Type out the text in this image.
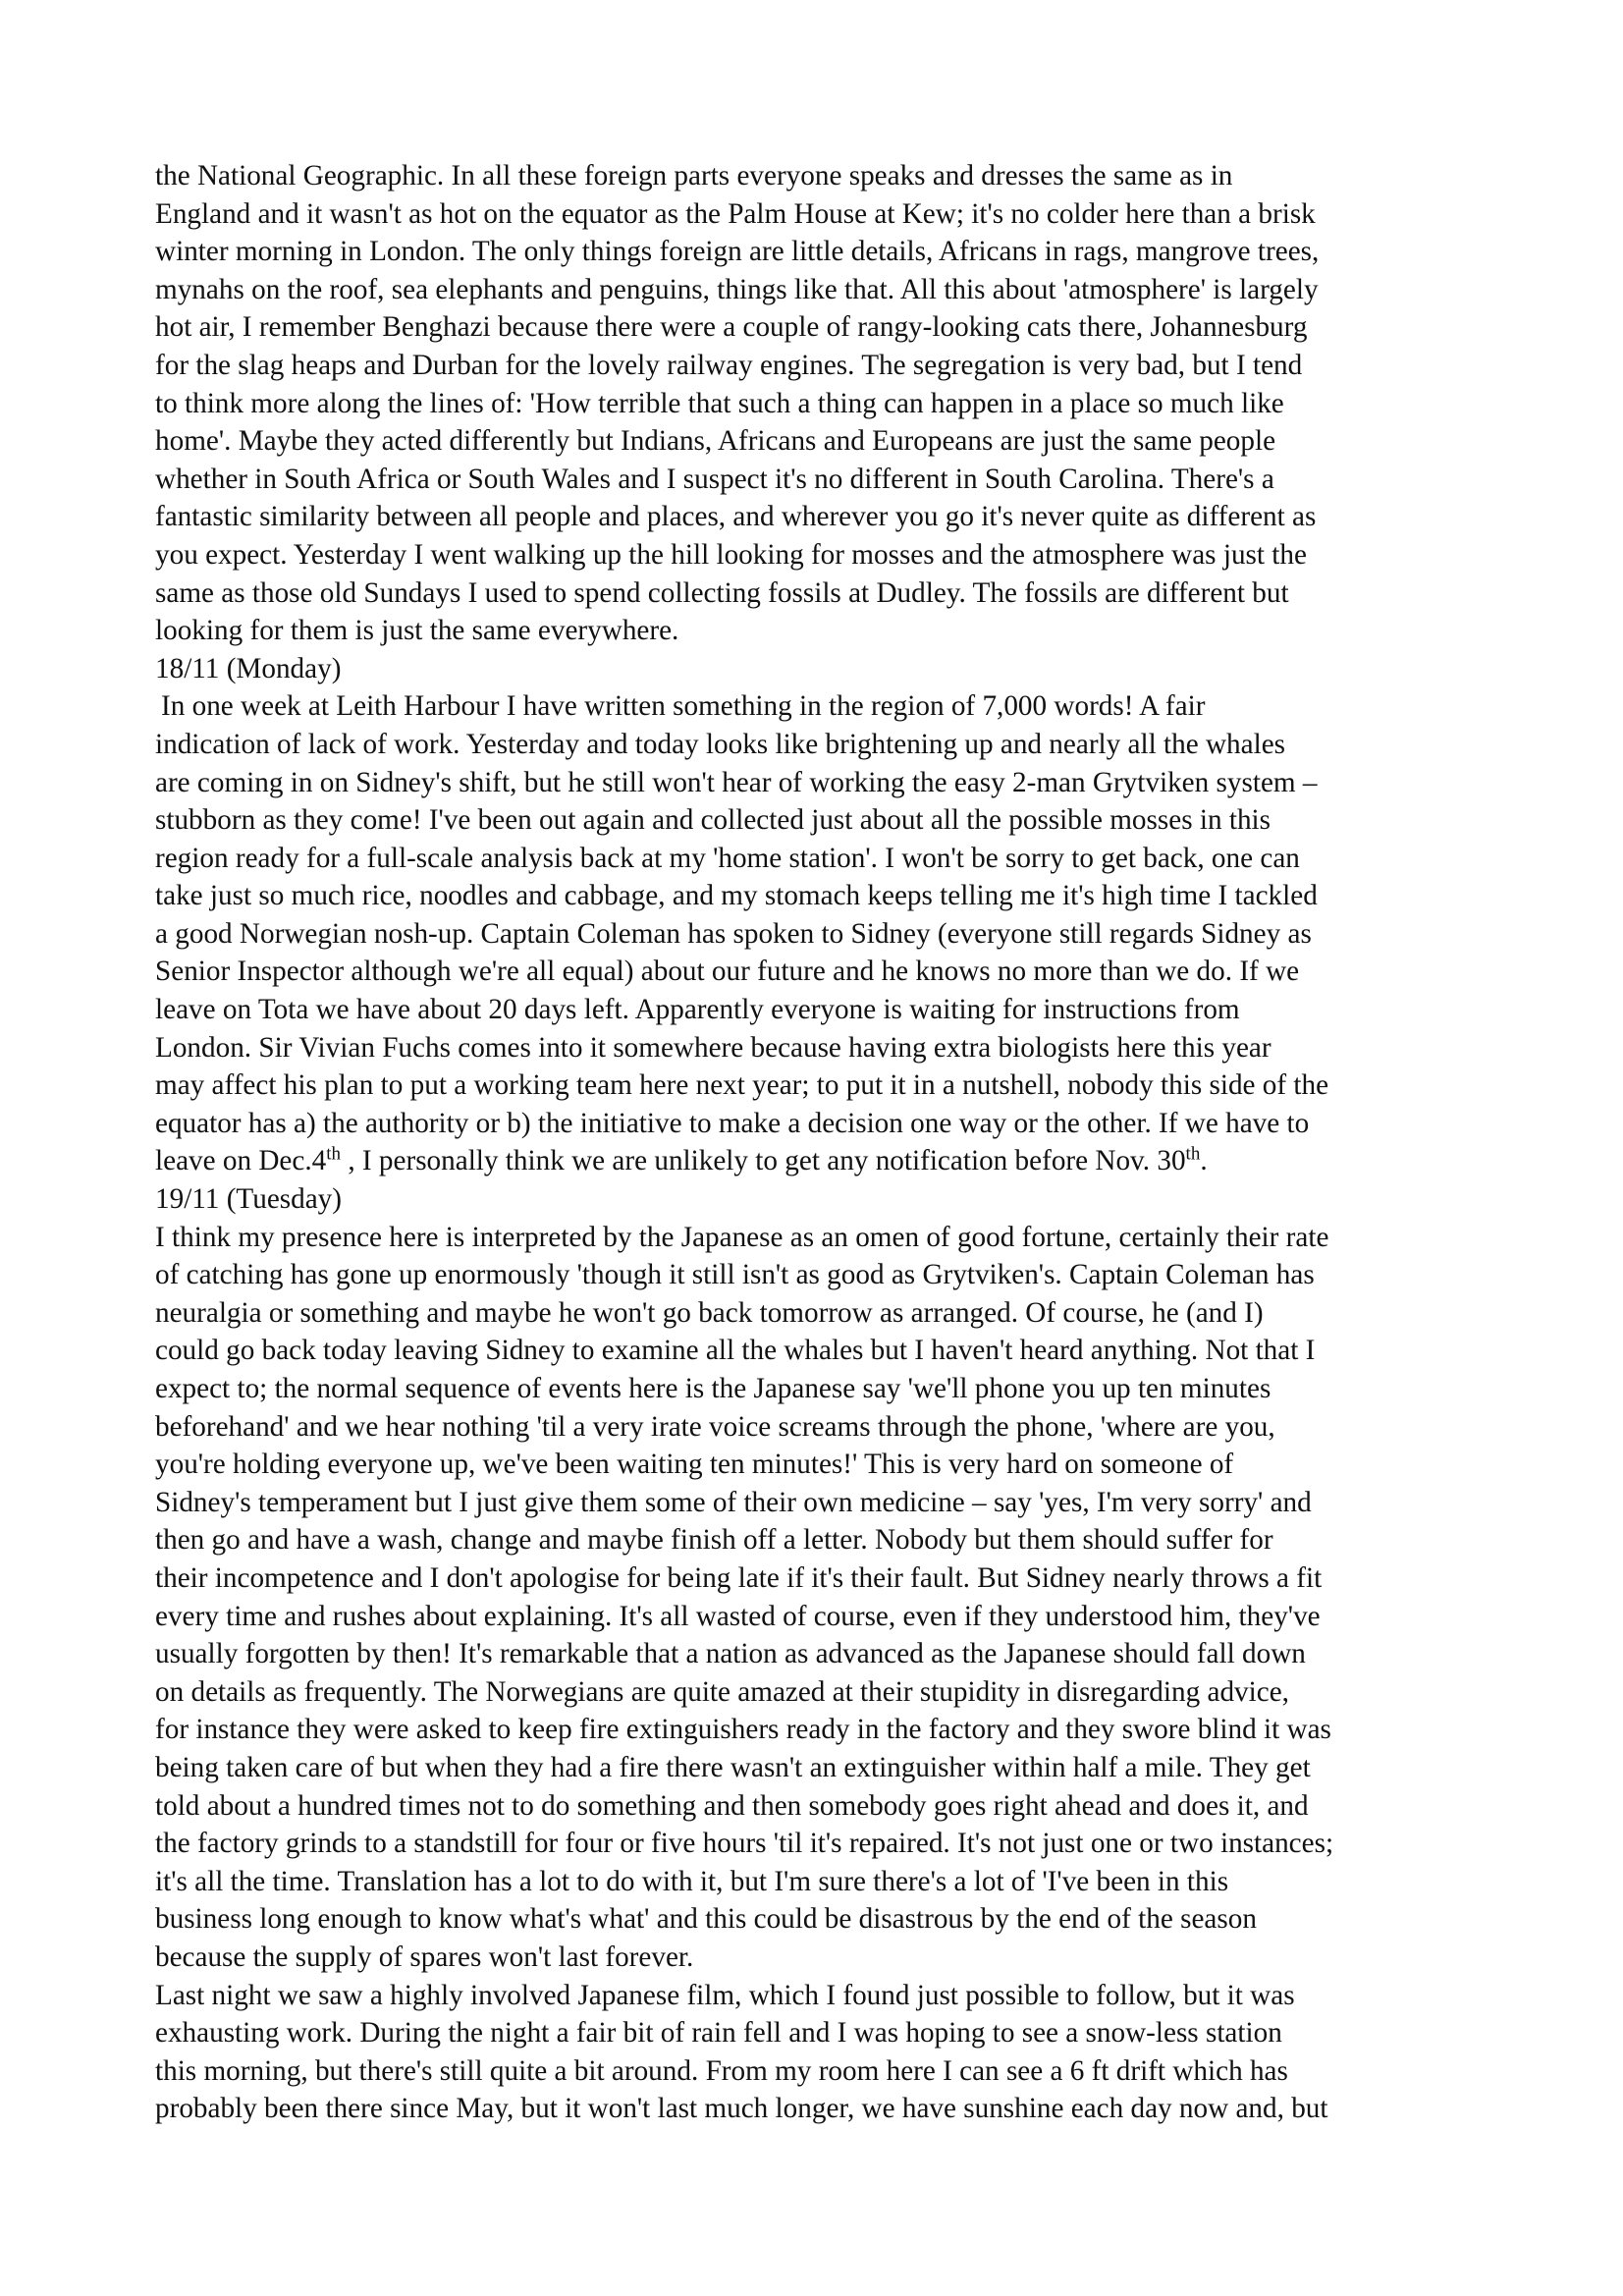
the National Geographic. In all these foreign parts everyone speaks and dresses the same as in
England and it wasn't as hot on the equator as the Palm House at Kew; it's no colder here than a brisk
winter morning in London. The only things foreign are little details, Africans in rags, mangrove trees,
mynahs on the roof, sea elephants and penguins, things like that. All this about 'atmosphere' is largely
hot air, I remember Benghazi because there were a couple of rangy-looking cats there, Johannesburg
for the slag heaps and Durban for the lovely railway engines. The segregation is very bad, but I tend
to think more along the lines of: 'How terrible that such a thing can happen in a place so much like
home'. Maybe they acted differently but Indians, Africans and Europeans are just the same people
whether in South Africa or South Wales and I suspect it's no different in South Carolina. There's a
fantastic similarity between all people and places, and wherever you go it's never quite as different as
you expect. Yesterday I went walking up the hill looking for mosses and the atmosphere was just the
same as those old Sundays I used to spend collecting fossils at Dudley. The fossils are different but
looking for them is just the same everywhere.
18/11 (Monday)
In one week at Leith Harbour I have written something in the region of 7,000 words! A fair
indication of lack of work. Yesterday and today looks like brightening up and nearly all the whales
are coming in on Sidney's shift, but he still won't hear of working the easy 2-man Grytviken system –
stubborn as they come! I've been out again and collected just about all the possible mosses in this
region ready for a full-scale analysis back at my 'home station'. I won't be sorry to get back, one can
take just so much rice, noodles and cabbage, and my stomach keeps telling me it's high time I tackled
a good Norwegian nosh-up. Captain Coleman has spoken to Sidney (everyone still regards Sidney as
Senior Inspector although we're all equal) about our future and he knows no more than we do. If we
leave on Tota we have about 20 days left. Apparently everyone is waiting for instructions from
London. Sir Vivian Fuchs comes into it somewhere because having extra biologists here this year
may affect his plan to put a working team here next year; to put it in a nutshell, nobody this side of the
equator has a) the authority or b) the initiative to make a decision one way or the other. If we have to
leave on Dec.4th , I personally think we are unlikely to get any notification before Nov. 30th.
19/11 (Tuesday)
I think my presence here is interpreted by the Japanese as an omen of good fortune, certainly their rate
of catching has gone up enormously 'though it still isn't as good as Grytviken's. Captain Coleman has
neuralgia or something and maybe he won't go back tomorrow as arranged. Of course, he (and I)
could go back today leaving Sidney to examine all the whales but I haven't heard anything. Not that I
expect to; the normal sequence of events here is the Japanese say 'we'll phone you up ten minutes
beforehand' and we hear nothing 'til a very irate voice screams through the phone, 'where are you,
you're holding everyone up, we've been waiting ten minutes!' This is very hard on someone of
Sidney's temperament but I just give them some of their own medicine – say 'yes, I'm very sorry' and
then go and have a wash, change and maybe finish off a letter. Nobody but them should suffer for
their incompetence and I don't apologise for being late if it's their fault. But Sidney nearly throws a fit
every time and rushes about explaining. It's all wasted of course, even if they understood him, they've
usually forgotten by then! It's remarkable that a nation as advanced as the Japanese should fall down
on details as frequently. The Norwegians are quite amazed at their stupidity in disregarding advice,
for instance they were asked to keep fire extinguishers ready in the factory and they swore blind it was
being taken care of but when they had a fire there wasn't an extinguisher within half a mile. They get
told about a hundred times not to do something and then somebody goes right ahead and does it, and
the factory grinds to a standstill for four or five hours 'til it's repaired. It's not just one or two instances;
it's all the time. Translation has a lot to do with it, but I'm sure there's a lot of 'I've been in this
business long enough to know what's what' and this could be disastrous by the end of the season
because the supply of spares won't last forever.
Last night we saw a highly involved Japanese film, which I found just possible to follow, but it was
exhausting work. During the night a fair bit of rain fell and I was hoping to see a snow-less station
this morning, but there's still quite a bit around. From my room here I can see a 6 ft drift which has
probably been there since May, but it won't last much longer, we have sunshine each day now and, but
